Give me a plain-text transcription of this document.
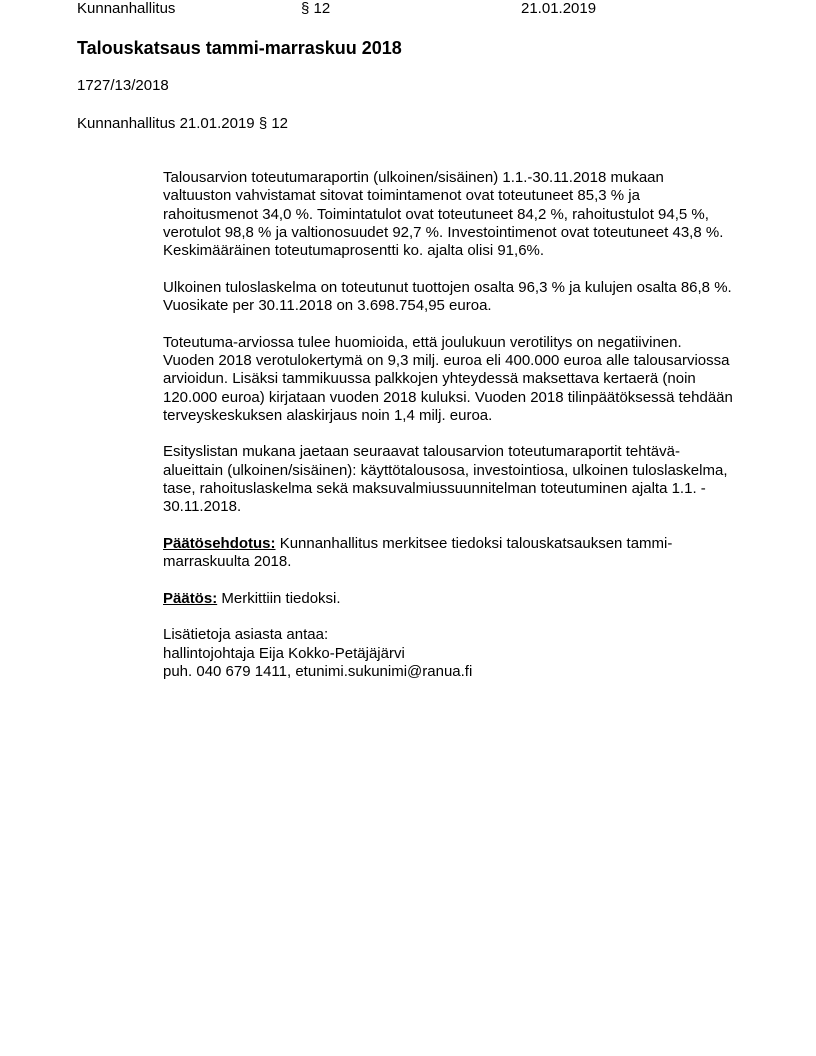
Kunnanhallitus	§ 12	21.01.2019
Talouskatsaus tammi-marraskuu 2018
1727/13/2018
Kunnanhallitus 21.01.2019 § 12

Talousarvion toteutumaraportin (ulkoinen/sisäinen) 1.1.-30.11.2018 mukaan valtuuston vahvistamat sitovat toimintamenot ovat toteutuneet 85,3 % ja rahoitusmenot 34,0 %. Toimintatulot ovat toteutuneet 84,2 %, rahoitustulot 94,5 %, verotulot 98,8 % ja valtionosuudet 92,7 %. Investointimenot ovat toteutuneet 43,8 %. Keskimääräinen toteutumaprosentti ko. ajalta olisi 91,6%.

Ulkoinen tuloslaskelma on toteutunut tuottojen osalta 96,3 % ja kulujen osalta 86,8 %. Vuosikate per 30.11.2018 on 3.698.754,95 euroa.

Toteutuma-arviossa tulee huomioida, että joulukuun verotilitys on negatiivinen. Vuoden 2018 verotulokertymä on 9,3 milj. euroa eli 400.000 euroa alle talousarviossa arvioidun. Lisäksi tammikuussa palkkojen yhteydessä maksettava kertaerä (noin 120.000 euroa) kirjataan vuoden 2018 kuluksi. Vuoden 2018 tilinpäätöksessä tehdään terveyskeskuksen alaskirjaus noin 1,4 milj. euroa.

Esityslistan mukana jaetaan seuraavat talousarvion toteutumaraportit tehtävä-alueittain (ulkoinen/sisäinen): käyttötalousosa, investointiosa, ulkoinen tuloslaskelma, tase, rahoituslaskelma sekä maksuvalmiussuunnitelman toteutuminen ajalta 1.1. - 30.11.2018.

Päätösehdotus: Kunnanhallitus merkitsee tiedoksi talouskatsauksen tammi-marraskuulta 2018.

Päätös: Merkittiin tiedoksi.

Lisätietoja asiasta antaa:
hallintojohtaja Eija Kokko-Petäjäjärvi
puh. 040 679 1411, etunimi.sukunimi@ranua.fi
